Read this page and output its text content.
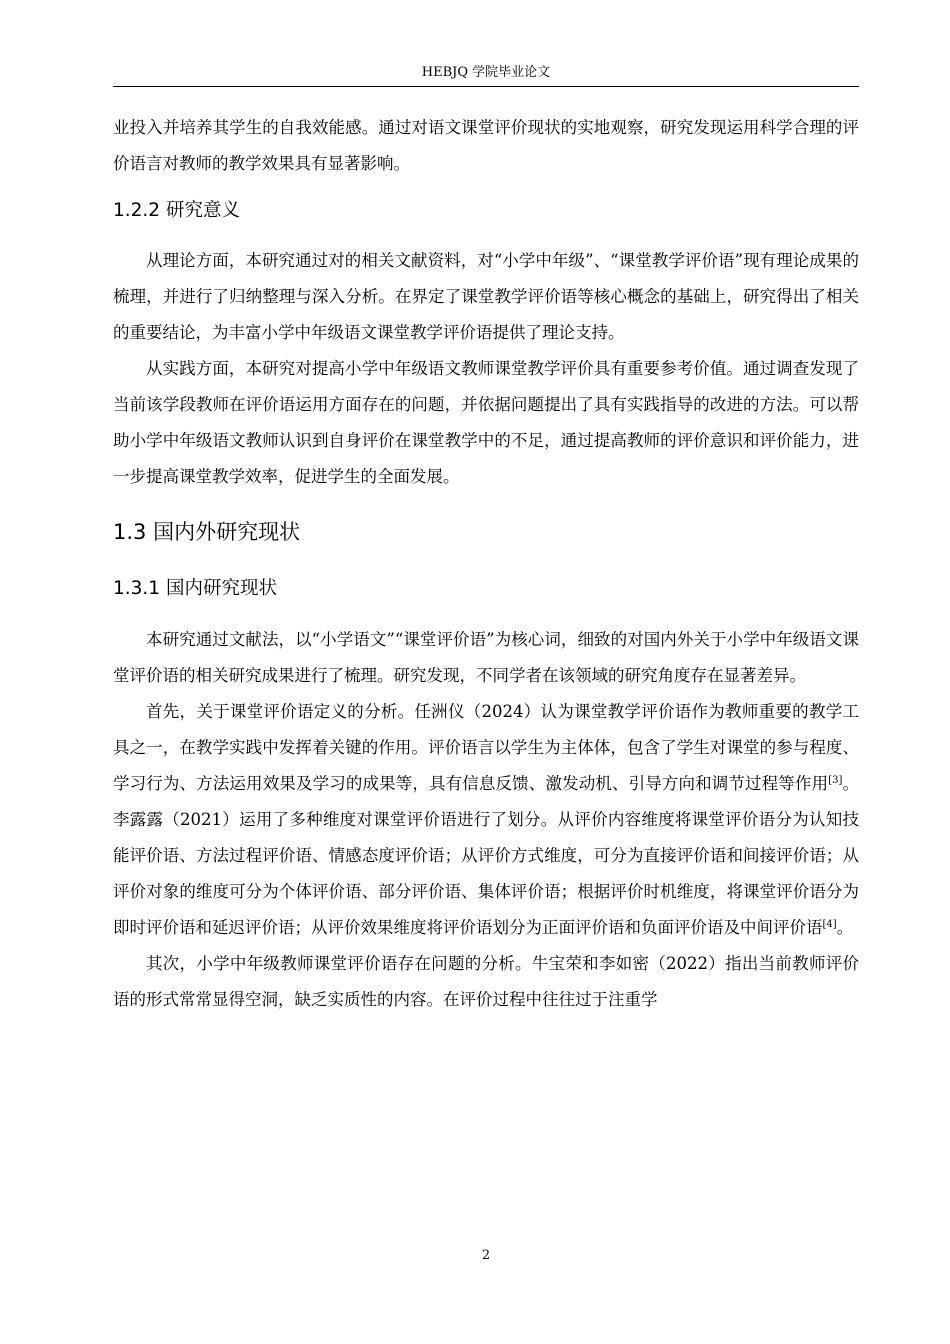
HEBJQ 学院毕业论文

业投入并培养其学生的自我效能感。通过对语文课堂评价现状的实地观察，研究发现运用科学合理的评价语言对教师的教学效果具有显著影响。

1.2.2 研究意义

从理论方面，本研究通过对的相关文献资料，对“小学中年级”、“课堂教学评价语”现有理论成果的梳理，并进行了归纳整理与深入分析。在界定了课堂教学评价语等核心概念的基础上，研究得出了相关的重要结论，为丰富小学中年级语文课堂教学评价语提供了理论支持。

从实践方面，本研究对提高小学中年级语文教师课堂教学评价具有重要参考价值。通过调查发现了当前该学段教师在评价语运用方面存在的问题，并依据问题提出了具有实践指导的改进的方法。可以帮助小学中年级语文教师认识到自身评价在课堂教学中的不足，通过提高教师的评价意识和评价能力，进一步提高课堂教学效率，促进学生的全面发展。

1.3 国内外研究现状
1.3.1 国内研究现状

本研究通过文献法，以“小学语文”“课堂评价语”为核心词，细致的对国内外关于小学中年级语文课堂评价语的相关研究成果进行了梳理。研究发现，不同学者在该领域的研究角度存在显著差异。

首先，关于课堂评价语定义的分析。任洲仪（2024）认为课堂教学评价语作为教师重要的教学工具之一，在教学实践中发挥着关键的作用。评价语言以学生为主体体，包含了学生对课堂的参与程度、学习行为、方法运用效果及学习的成果等，具有信息反馈、激发动机、引导方向和调节过程等作用[3]。李露露（2021）运用了多种维度对课堂评价语进行了划分。从评价内容维度将课堂评价语分为认知技能评价语、方法过程评价语、情感态度评价语；从评价方式维度，可分为直接评价语和间接评价语；从评价对象的维度可分为个体评价语、部分评价语、集体评价语；根据评价时机维度，将课堂评价语分为即时评价语和延迟评价语；从评价效果维度将评价语划分为正面评价语和负面评价语及中间评价语[4]。

其次，小学中年级教师课堂评价语存在问题的分析。牛宝荣和李如密（2022）指出当前教师评价语的形式常常显得空洞，缺乏实质性的内容。在评价过程中往往过于注重学

2
